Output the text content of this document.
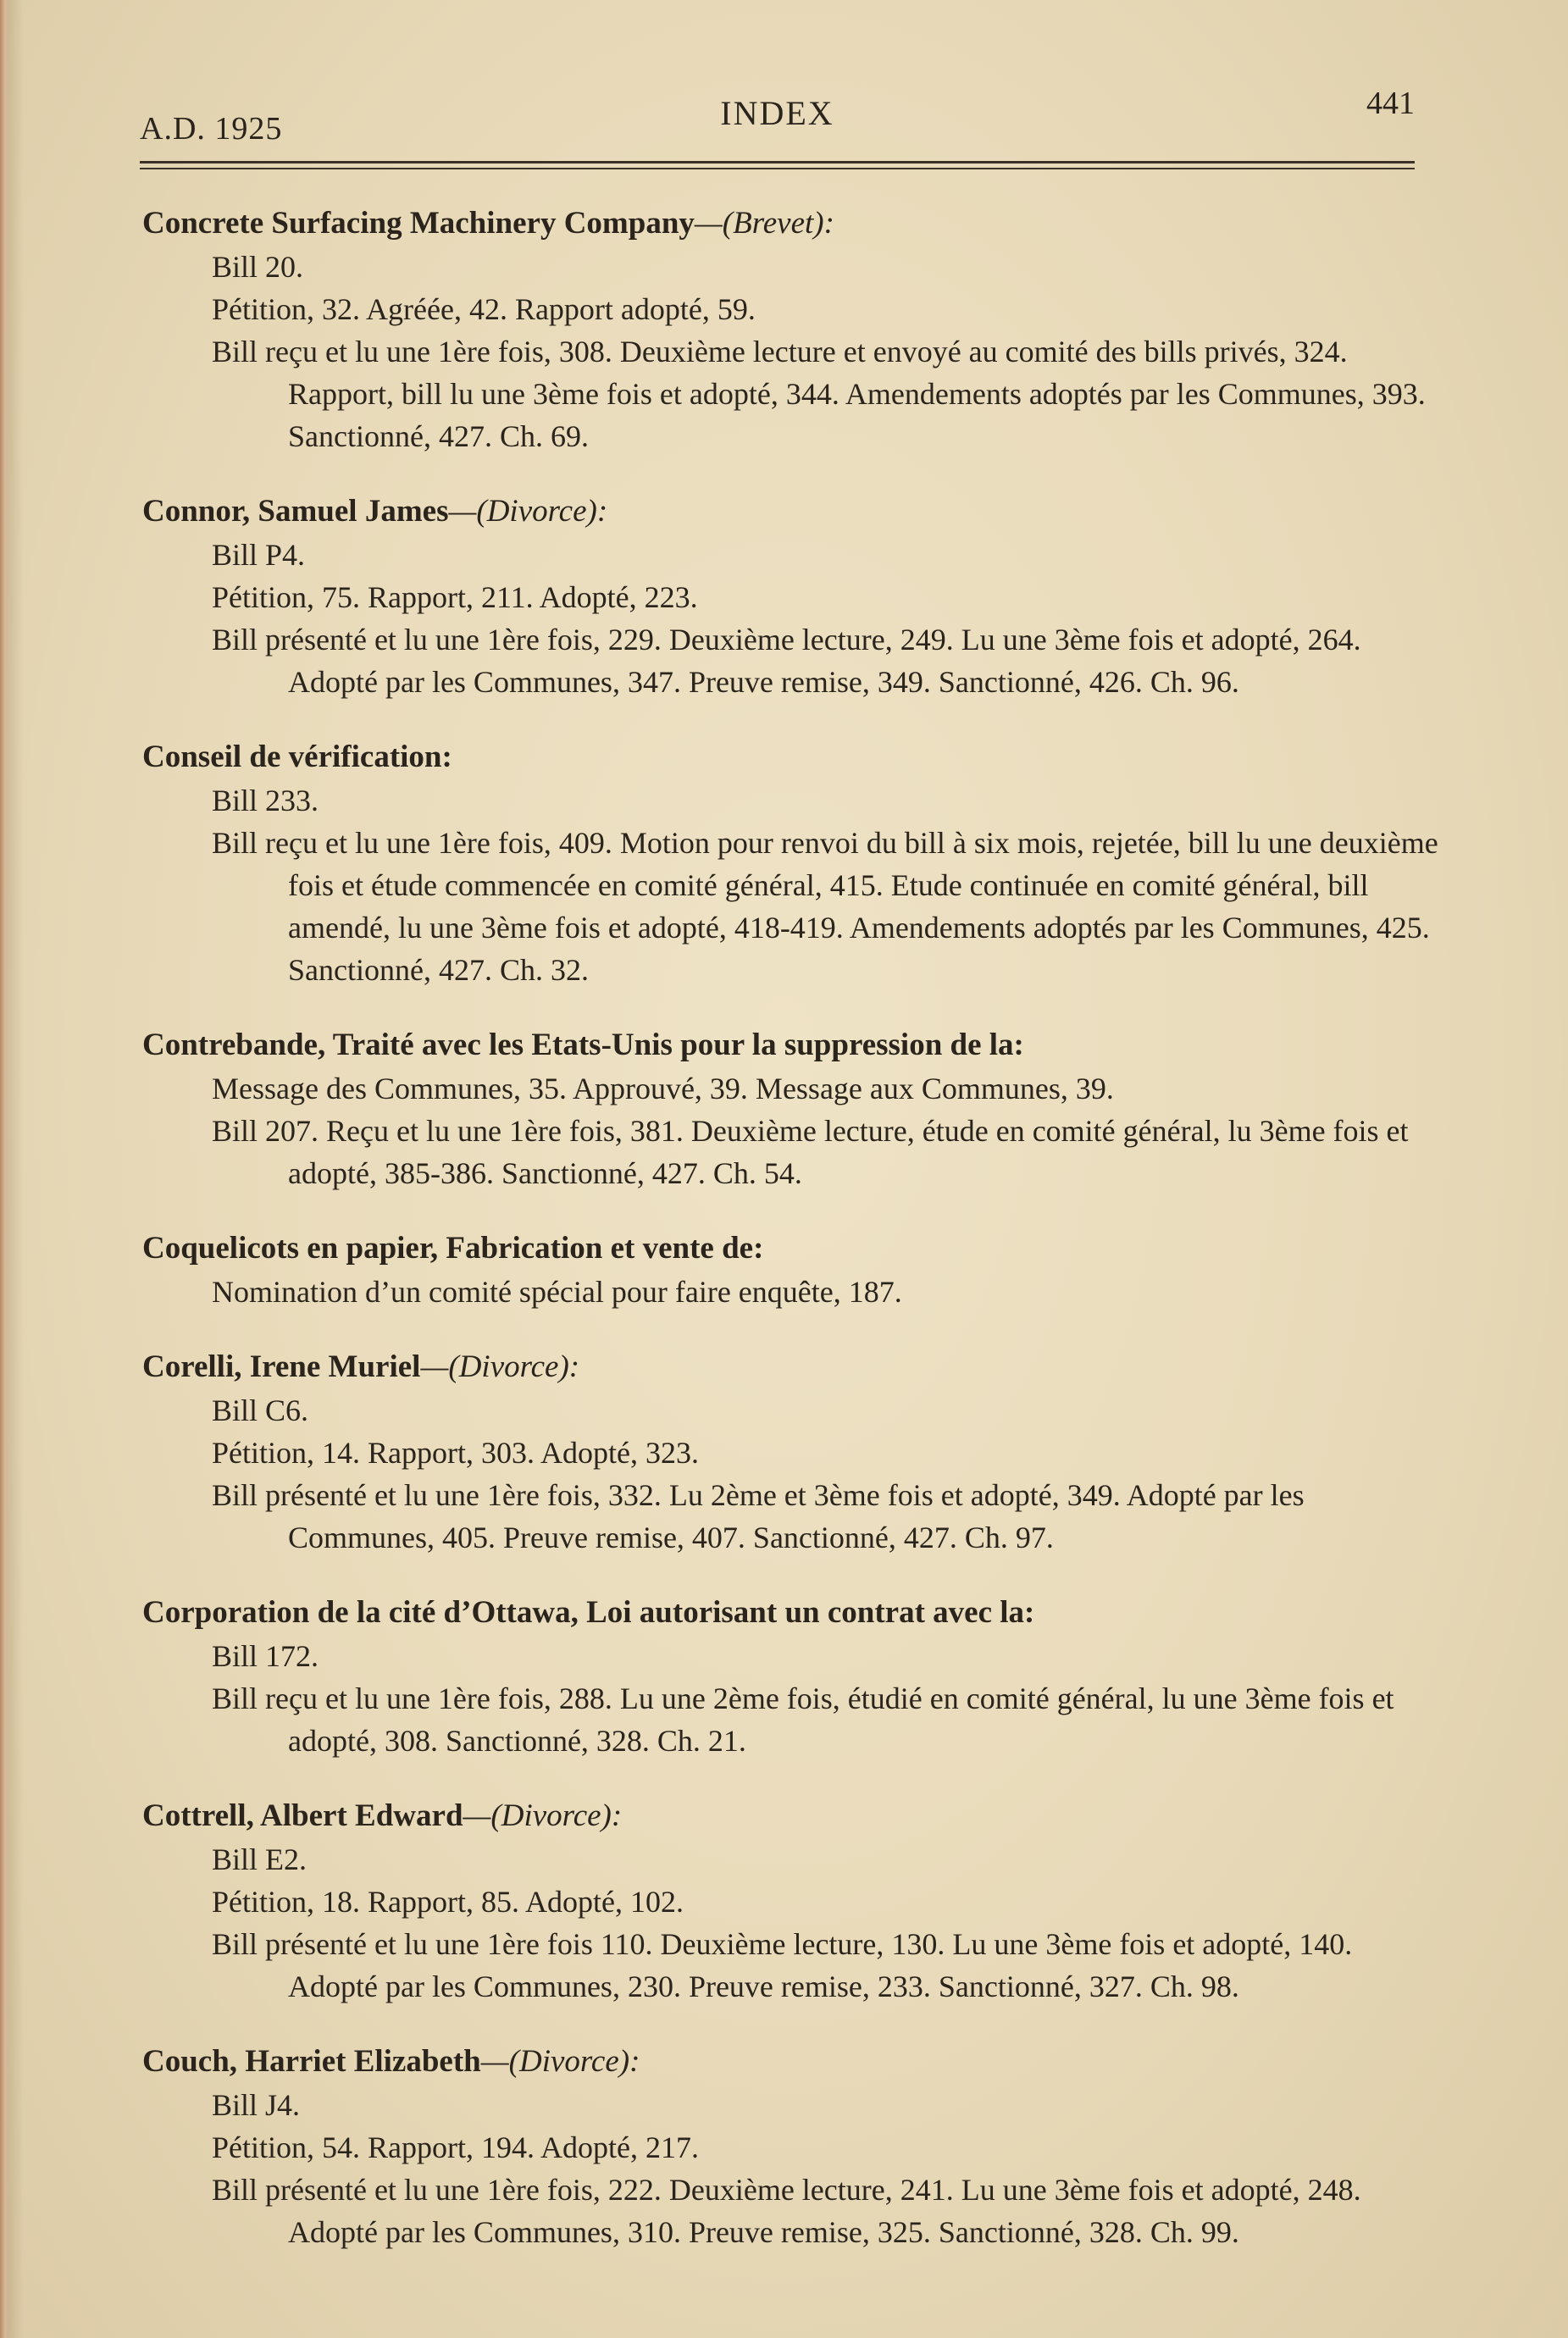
A.D. 1925	INDEX	441
Concrete Surfacing Machinery Company—(Brevet):
Bill 20.
Pétition, 32. Agréée, 42. Rapport adopté, 59.
Bill reçu et lu une 1ère fois, 308. Deuxième lecture et envoyé au comité des bills privés, 324. Rapport, bill lu une 3ème fois et adopté, 344. Amendements adoptés par les Communes, 393. Sanctionné, 427. Ch. 69.
Connor, Samuel James—(Divorce):
Bill P4.
Pétition, 75. Rapport, 211. Adopté, 223.
Bill présenté et lu une 1ère fois, 229. Deuxième lecture, 249. Lu une 3ème fois et adopté, 264. Adopté par les Communes, 347. Preuve remise, 349. Sanctionné, 426. Ch. 96.
Conseil de vérification:
Bill 233.
Bill reçu et lu une 1ère fois, 409. Motion pour renvoi du bill à six mois, rejetée, bill lu une deuxième fois et étude commencée en comité général, 415. Etude continuée en comité général, bill amendé, lu une 3ème fois et adopté, 418-419. Amendements adoptés par les Communes, 425. Sanctionné, 427. Ch. 32.
Contrebande, Traité avec les Etats-Unis pour la suppression de la:
Message des Communes, 35. Approuvé, 39. Message aux Communes, 39.
Bill 207. Reçu et lu une 1ère fois, 381. Deuxième lecture, étude en comité général, lu 3ème fois et adopté, 385-386. Sanctionné, 427. Ch. 54.
Coquelicots en papier, Fabrication et vente de:
Nomination d’un comité spécial pour faire enquête, 187.
Corelli, Irene Muriel—(Divorce):
Bill C6.
Pétition, 14. Rapport, 303. Adopté, 323.
Bill présenté et lu une 1ère fois, 332. Lu 2ème et 3ème fois et adopté, 349. Adopté par les Communes, 405. Preuve remise, 407. Sanctionné, 427. Ch. 97.
Corporation de la cité d’Ottawa, Loi autorisant un contrat avec la:
Bill 172.
Bill reçu et lu une 1ère fois, 288. Lu une 2ème fois, étudié en comité général, lu une 3ème fois et adopté, 308. Sanctionné, 328. Ch. 21.
Cottrell, Albert Edward—(Divorce):
Bill E2.
Pétition, 18. Rapport, 85. Adopté, 102.
Bill présenté et lu une 1ère fois 110. Deuxième lecture, 130. Lu une 3ème fois et adopté, 140. Adopté par les Communes, 230. Preuve remise, 233. Sanctionné, 327. Ch. 98.
Couch, Harriet Elizabeth—(Divorce):
Bill J4.
Pétition, 54. Rapport, 194. Adopté, 217.
Bill présenté et lu une 1ère fois, 222. Deuxième lecture, 241. Lu une 3ème fois et adopté, 248. Adopté par les Communes, 310. Preuve remise, 325. Sanctionné, 328. Ch. 99.
